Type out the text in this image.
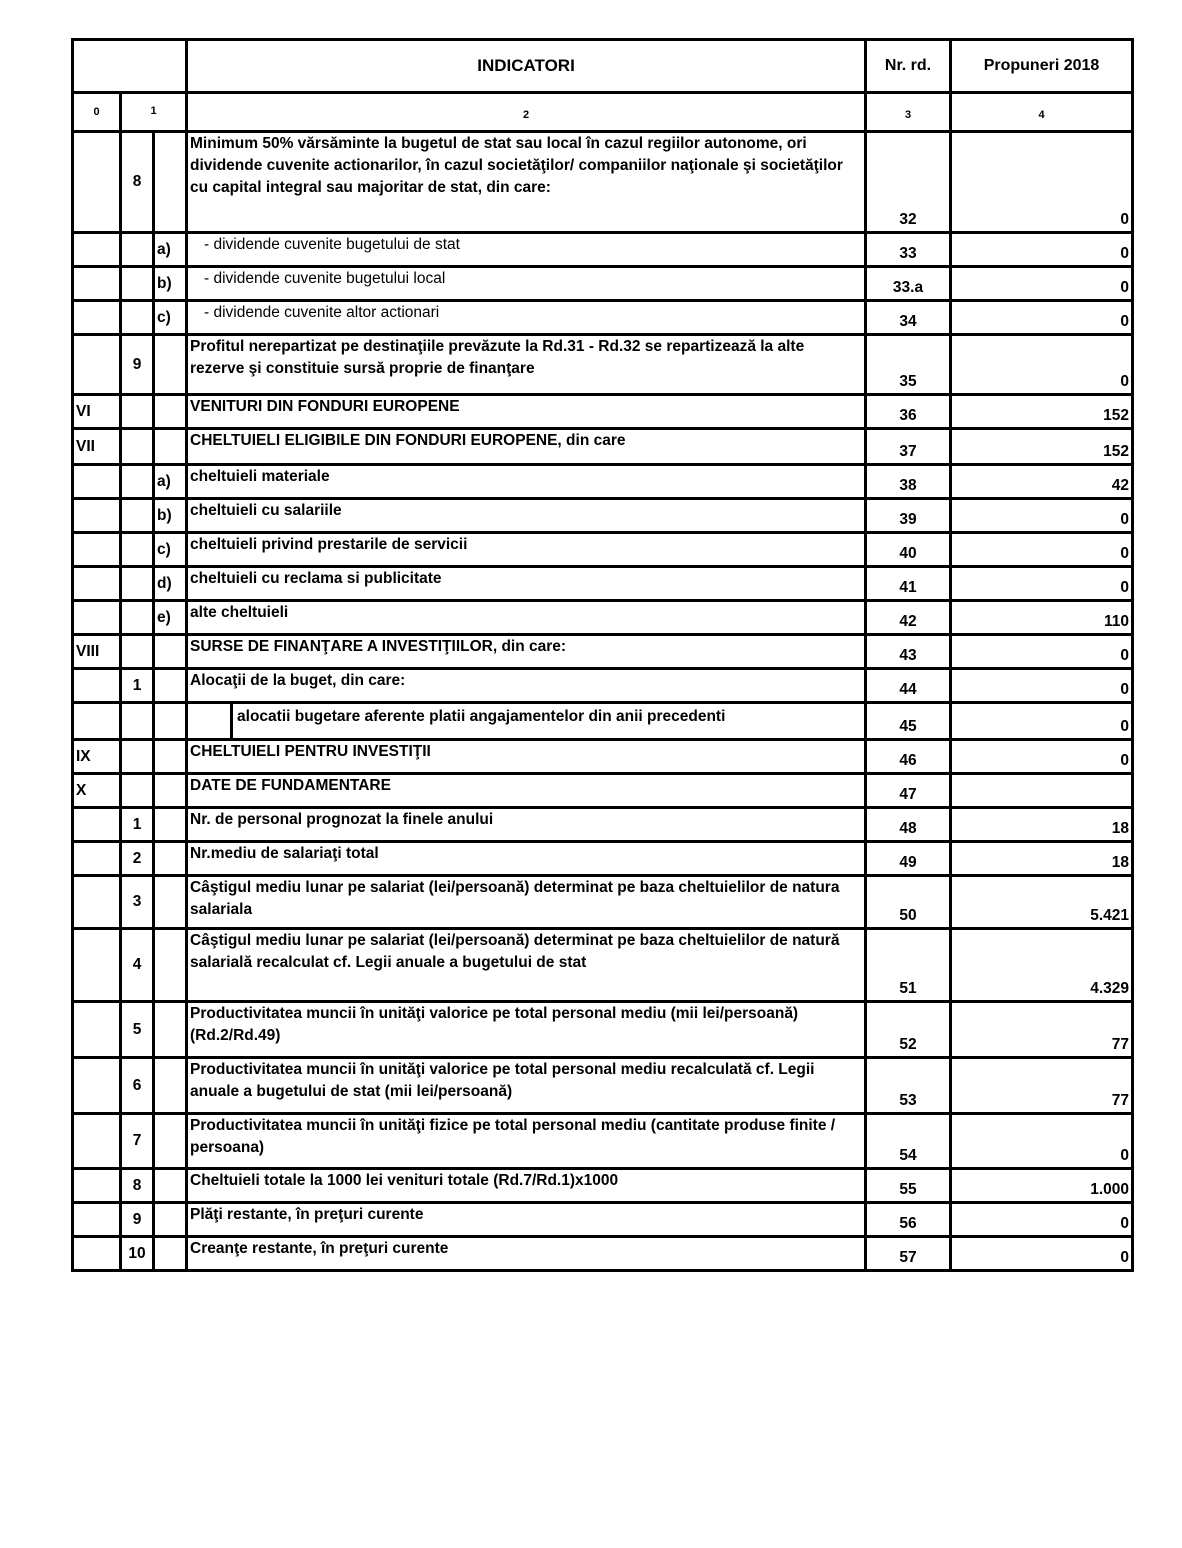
			INDICATORI	Nr. rd.	Propuneri 2018
0	1		2	3	4
	8		Minimum 50% vărsăminte la bugetul de stat sau local în cazul regiilor autonome, ori dividende cuvenite actionarilor, în cazul societăţilor/ companiilor naţionale şi societăţilor cu capital integral sau majoritar de stat, din care:	32	0
		a)	- dividende cuvenite bugetului de stat	33	0
		b)	- dividende cuvenite bugetului local	33.a	0
		c)	- dividende cuvenite altor actionari	34	0
	9		Profitul nerepartizat pe destinaţiile prevăzute la Rd.31 - Rd.32 se repartizează la alte rezerve şi constituie sursă proprie de finanţare	35	0
VI			VENITURI DIN FONDURI EUROPENE	36	152
VII			CHELTUIELI ELIGIBILE DIN FONDURI EUROPENE, din care	37	152
		a)	cheltuieli materiale	38	42
		b)	cheltuieli cu salariile	39	0
		c)	cheltuieli privind prestarile de servicii	40	0
		d)	cheltuieli cu reclama si publicitate	41	0
		e)	alte cheltuieli	42	110
VIII			SURSE DE FINANŢARE A INVESTIŢIILOR, din care:	43	0
	1		Alocaţii de la buget, din care:	44	0

			alocatii bugetare aferente platii angajamentelor din anii precedenti	45	0
IX			CHELTUIELI PENTRU INVESTIŢII	46	0
X			DATE DE FUNDAMENTARE	47	
	1		Nr. de personal prognozat la finele anului	48	18
	2		Nr.mediu de salariaţi total	49	18
	3		Câştigul mediu lunar pe salariat (lei/persoană) determinat pe baza cheltuielilor de natura salariala	50	5.421
	4		Câştigul mediu lunar pe salariat (lei/persoană) determinat pe baza cheltuielilor de natură salarială recalculat cf. Legii anuale a bugetului de stat	51	4.329
	5		Productivitatea muncii în unităţi valorice pe total personal mediu (mii lei/persoană) (Rd.2/Rd.49)	52	77
	6		Productivitatea muncii în unităţi valorice pe total personal mediu recalculată cf. Legii anuale a bugetului de stat (mii lei/persoană)	53	77
	7		Productivitatea muncii în unităţi fizice pe total personal mediu (cantitate produse finite / persoana)	54	0
	8		Cheltuieli totale la 1000 lei venituri totale (Rd.7/Rd.1)x1000	55	1.000
	9		Plăţi restante, în preţuri curente	56	0
	10		Creanţe restante, în preţuri curente	57	0
